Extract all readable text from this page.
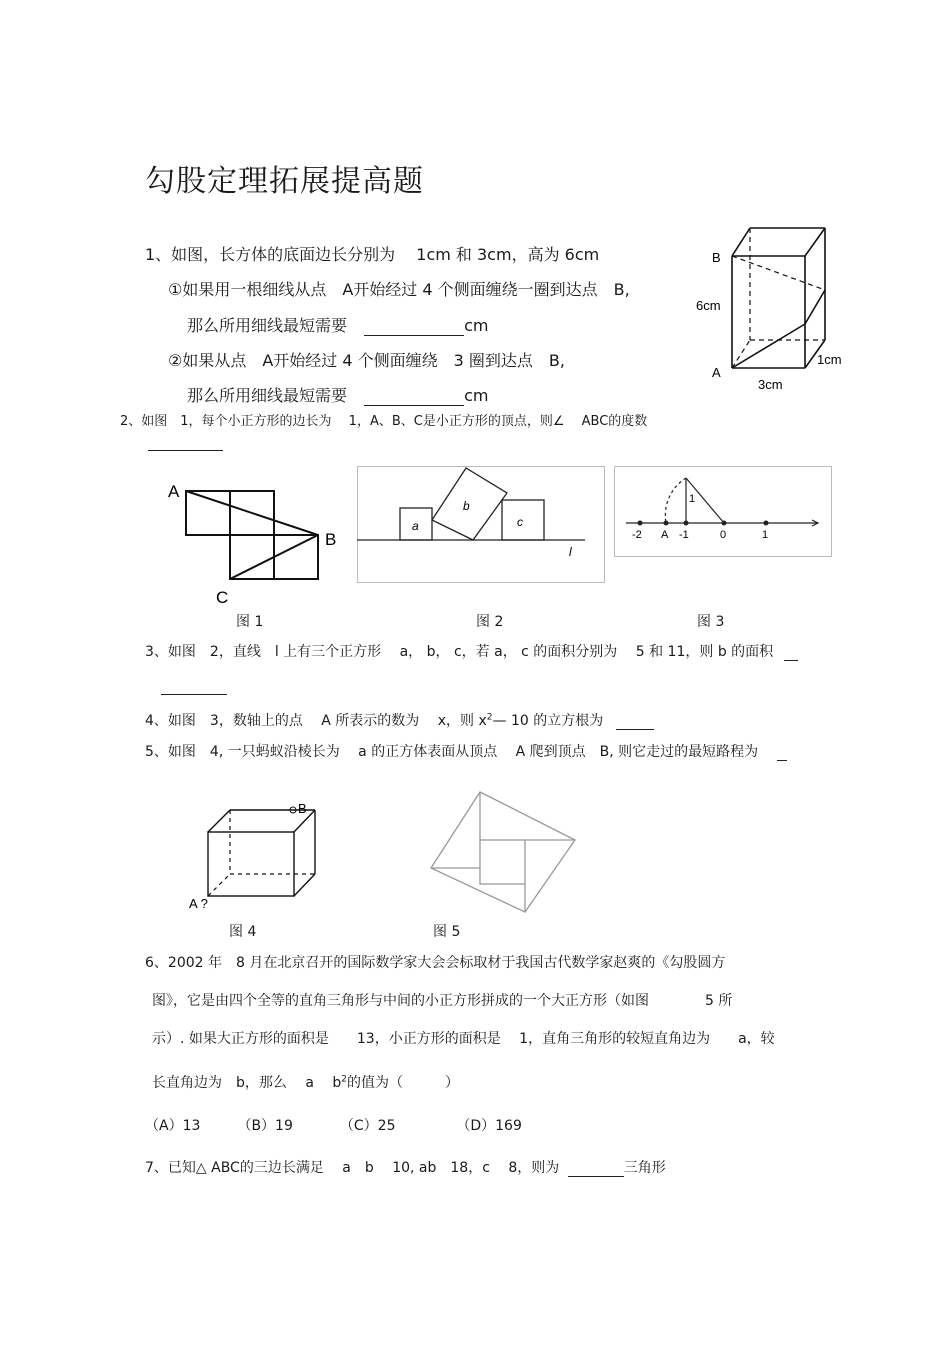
勾股定理拓展提高题
1、如图，长方体的底面边长分别为　 1cm 和 3cm，高为 6cm
①如果用一根细线从点　A开始经过 4 个侧面缠绕一圈到达点　B,
那么所用细线最短需要	cm
②如果从点　A开始经过 4 个侧面缠绕　3 圈到达点　B,
那么所用细线最短需要	cm
B
6cm
A
1cm
3cm
2、如图　1，每个小正方形的边长为　 1，A、B、C是小正方形的顶点，则∠　 ABC的度数
A
B
C
a
b
c
l
-2 A -1	0	1
1
图 1	图 2	图 3
3、如图　2，直线　l 上有三个正方形　 a， b， c，若 a， c 的面积分别为　 5 和 11，则 b 的面积
4、如图　3，数轴上的点　 A 所表示的数为　 x，则 $x^2—$ 10 的立方根为
5、如图　4, 一只蚂蚁沿棱长为　 a 的正方体表面从顶点　 A 爬到顶点　B, 则它走过的最短路程为
B
A ?
图 4	图 5
6、2002 年　8 月在北京召开的国际数学家大会会标取材于我国古代数学家赵爽的《勾股圆方
图》，它是由四个全等的直角三角形与中间的小正方形拼成的一个大正方形（如图　　　　5 所
示）. 如果大正方形的面积是　　13，小正方形的面积是　 1，直角三角形的较短直角边为　　a，较
长直角边为　b，那么　 a　 $b^2$的值为（　　　）
（A）13	（B）19	（C）25	（D）169
7、已知△ ABC的三边长满足　 a　b　 10, ab　18，c　 8，则为	三角形
